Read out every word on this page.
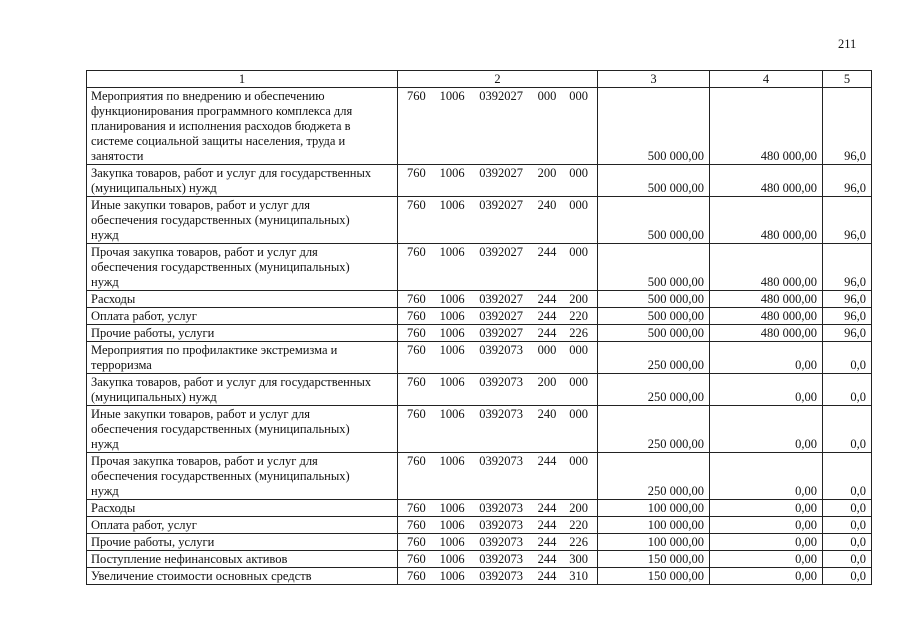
211
1	2	3	4	5
Мероприятия по внедрению и обеспечению
функционирования программного комплекса для
планирования и исполнения расходов бюджета в
системе социальной защиты населения, труда и
занятости	760 1006 0392027 000 000	500 000,00	480 000,00	96,0
Закупка товаров, работ и услуг для государственных
(муниципальных) нужд	760 1006 0392027 200 000	500 000,00	480 000,00	96,0
Иные закупки товаров, работ и услуг для
обеспечения государственных (муниципальных)
нужд	760 1006 0392027 240 000	500 000,00	480 000,00	96,0
Прочая закупка товаров, работ и услуг для
обеспечения государственных (муниципальных)
нужд	760 1006 0392027 244 000	500 000,00	480 000,00	96,0
Расходы	760 1006 0392027 244 200	500 000,00	480 000,00	96,0
Оплата работ, услуг	760 1006 0392027 244 220	500 000,00	480 000,00	96,0
Прочие работы, услуги	760 1006 0392027 244 226	500 000,00	480 000,00	96,0
Мероприятия по профилактике экстремизма и
терроризма	760 1006 0392073 000 000	250 000,00	0,00	0,0
Закупка товаров, работ и услуг для государственных
(муниципальных) нужд	760 1006 0392073 200 000	250 000,00	0,00	0,0
Иные закупки товаров, работ и услуг для
обеспечения государственных (муниципальных)
нужд	760 1006 0392073 240 000	250 000,00	0,00	0,0
Прочая закупка товаров, работ и услуг для
обеспечения государственных (муниципальных)
нужд	760 1006 0392073 244 000	250 000,00	0,00	0,0
Расходы	760 1006 0392073 244 200	100 000,00	0,00	0,0
Оплата работ, услуг	760 1006 0392073 244 220	100 000,00	0,00	0,0
Прочие работы, услуги	760 1006 0392073 244 226	100 000,00	0,00	0,0
Поступление нефинансовых активов	760 1006 0392073 244 300	150 000,00	0,00	0,0
Увеличение стоимости основных средств	760 1006 0392073 244 310	150 000,00	0,00	0,0
